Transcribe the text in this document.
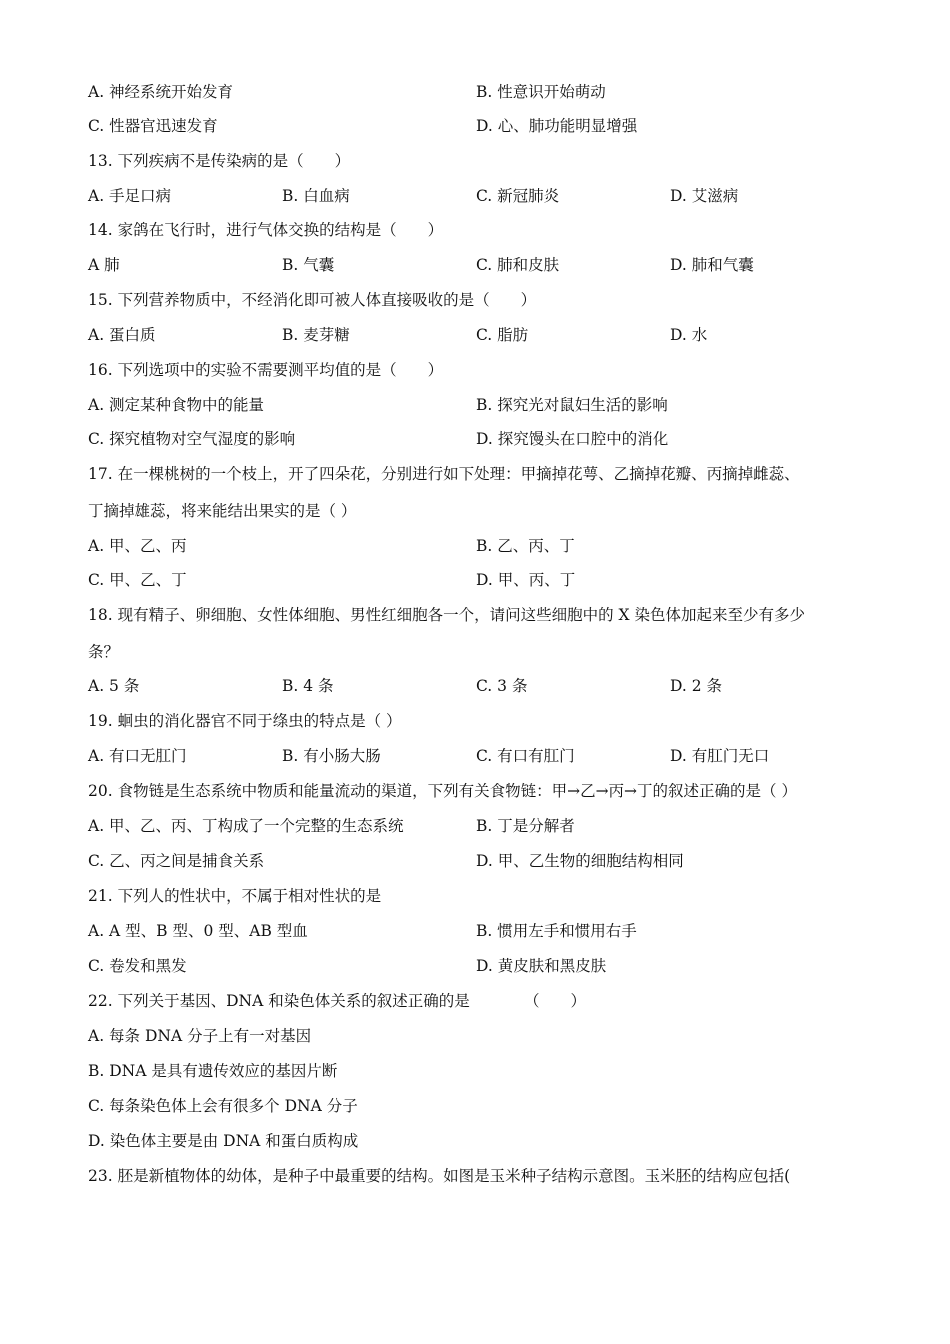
A. 神经系统开始发育	B. 性意识开始萌动
C. 性器官迅速发育	D. 心、肺功能明显增强
13. 下列疾病不是传染病的是（　　）
A. 手足口病	B. 白血病	C. 新冠肺炎	D. 艾滋病
14. 家鸽在飞行时，进行气体交换的结构是（　　）
A 肺	B. 气囊	C. 肺和皮肤	D. 肺和气囊
15. 下列营养物质中，不经消化即可被人体直接吸收的是（　　）
A. 蛋白质	B. 麦芽糖	C. 脂肪	D. 水
16. 下列选项中的实验不需要测平均值的是（　　）
A. 测定某种食物中的能量	B. 探究光对鼠妇生活的影响
C. 探究植物对空气湿度的影响	D. 探究馒头在口腔中的消化
17. 在一棵桃树的一个枝上，开了四朵花，分别进行如下处理：甲摘掉花萼、乙摘掉花瓣、丙摘掉雌蕊、
丁摘掉雄蕊，将来能结出果实的是（ ）
A. 甲、乙、丙	B. 乙、丙、丁
C. 甲、乙、丁	D. 甲、丙、丁
18. 现有精子、卵细胞、女性体细胞、男性红细胞各一个，请问这些细胞中的 X 染色体加起来至少有多少
条？
A. 5 条	B. 4 条	C. 3 条	D. 2 条
19. 蛔虫的消化器官不同于绦虫的特点是（ ）
A. 有口无肛门	B. 有小肠大肠	C. 有口有肛门	D. 有肛门无口
20. 食物链是生态系统中物质和能量流动的渠道，下列有关食物链：甲→乙→丙→丁的叙述正确的是（ ）
A. 甲、乙、丙、丁构成了一个完整的生态系统	B. 丁是分解者
C. 乙、丙之间是捕食关系	D. 甲、乙生物的细胞结构相同
21. 下列人的性状中，不属于相对性状的是
A. A 型、B 型、0 型、AB 型血	B. 惯用左手和惯用右手
C. 卷发和黑发	D. 黄皮肤和黑皮肤
22. 下列关于基因、DNA 和染色体关系的叙述正确的是　　　　（　　）
A. 每条 DNA 分子上有一对基因
B. DNA 是具有遗传效应的基因片断
C. 每条染色体上会有很多个 DNA 分子
D. 染色体主要是由 DNA 和蛋白质构成
23. 胚是新植物体的幼体，是种子中最重要的结构。如图是玉米种子结构示意图。玉米胚的结构应包括(
